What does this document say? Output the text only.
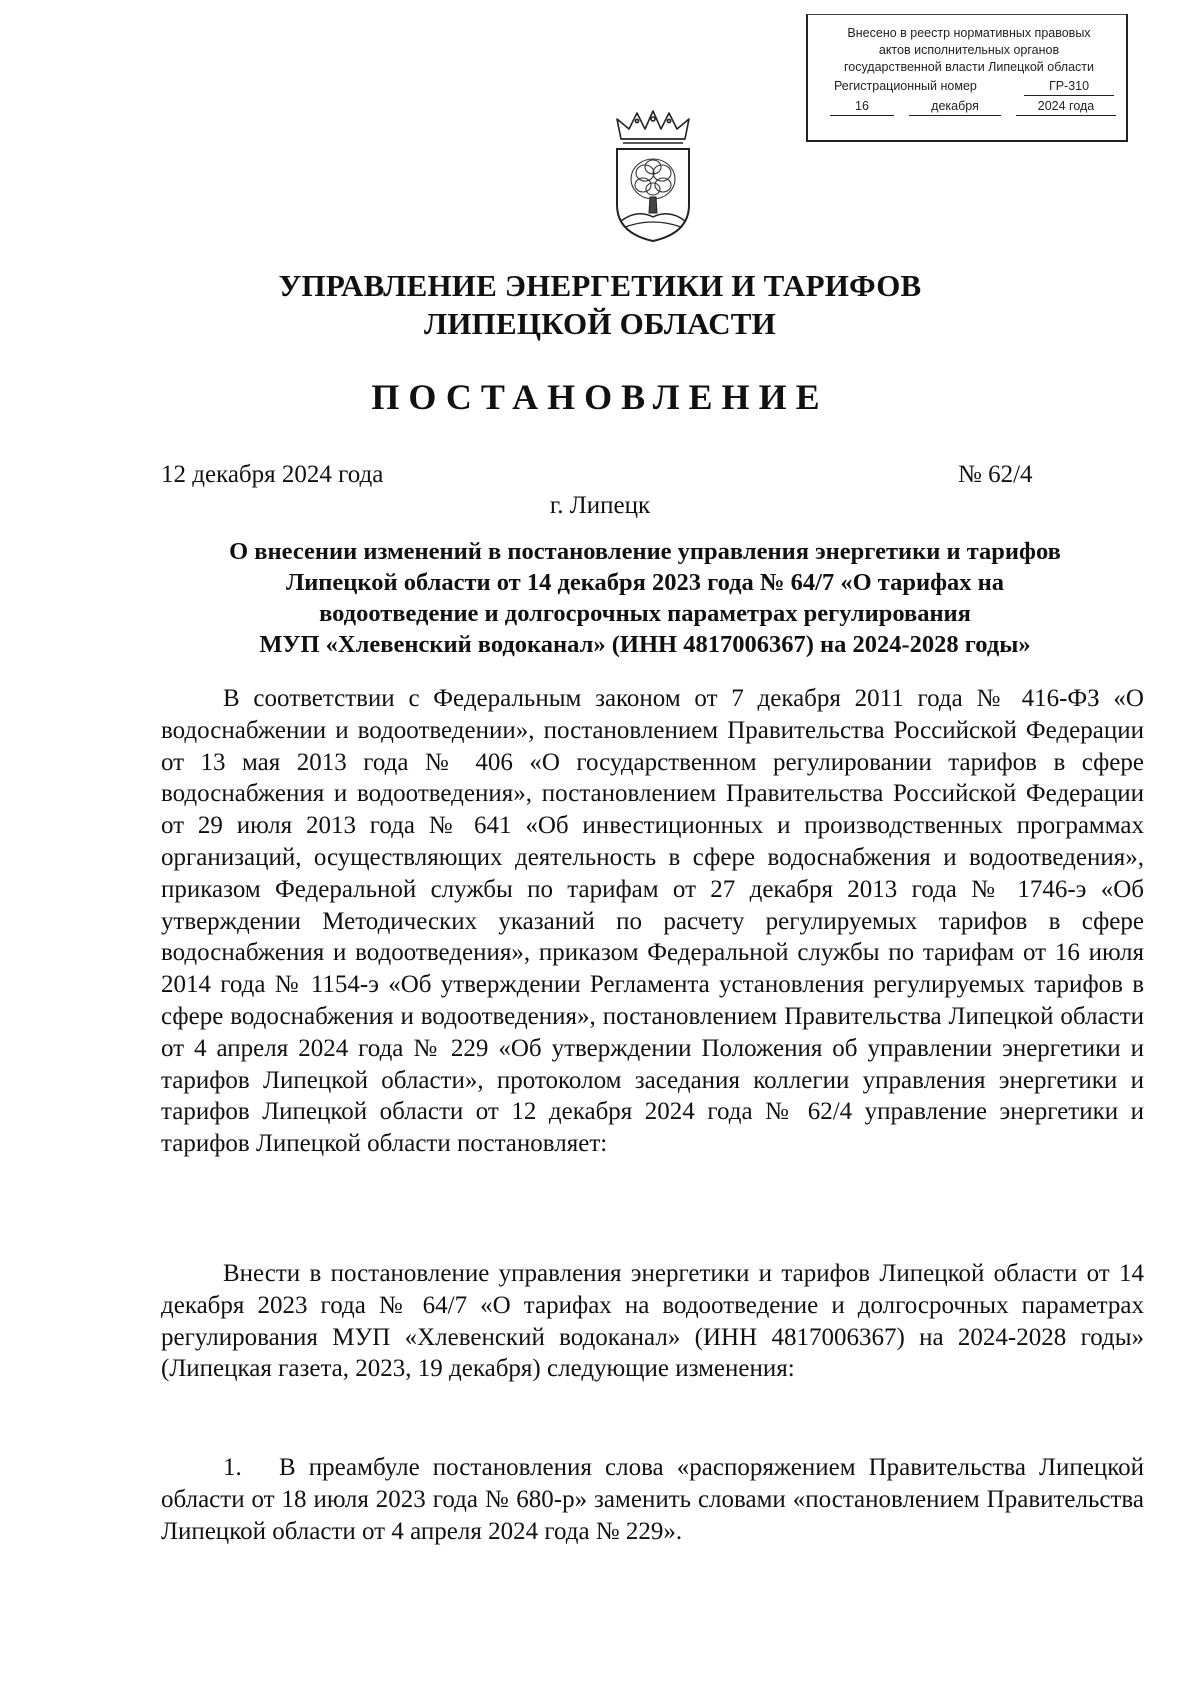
Внесено в реестр нормативных правовых
актов исполнительных органов
государственной власти Липецкой области
Регистрационный номер	ГР-310
16	декабря	2024 года
УПРАВЛЕНИЕ ЭНЕРГЕТИКИ И ТАРИФОВ
ЛИПЕЦКОЙ ОБЛАСТИ
ПОСТАНОВЛЕНИЕ
12 декабря 2024 года	№ 62/4
г. Липецк
О внесении изменений в постановление управления энергетики и тарифов
Липецкой области от 14 декабря 2023 года № 64/7 «О тарифах на
водоотведение и долгосрочных параметрах регулирования
МУП «Хлевенский водоканал» (ИНН 4817006367) на 2024-2028 годы»

В соответствии с Федеральным законом от 7 декабря 2011 года № 416-ФЗ «О водоснабжении и водоотведении», постановлением Правительства Российской Федерации от 13 мая 2013 года № 406 «О государственном регулировании тарифов в сфере водоснабжения и водоотведения», постановлением Правительства Российской Федерации от 29 июля 2013 года № 641 «Об инвестиционных и производственных программах организаций, осуществляющих деятельность в сфере водоснабжения и водоотведения», приказом Федеральной службы по тарифам от 27 декабря 2013 года № 1746-э «Об утверждении Методических указаний по расчету регулируемых тарифов в сфере водоснабжения и водоотведения», приказом Федеральной службы по тарифам от 16 июля 2014 года № 1154-э «Об утверждении Регламента установления регулируемых тарифов в сфере водоснабжения и водоотведения», постановлением Правительства Липецкой области от 4 апреля 2024 года № 229 «Об утверждении Положения об управлении энергетики и тарифов Липецкой области», протоколом заседания коллегии управления энергетики и тарифов Липецкой области от 12 декабря 2024 года № 62/4 управление энергетики и тарифов Липецкой области постановляет:

Внести в постановление управления энергетики и тарифов Липецкой области от 14 декабря 2023 года № 64/7 «О тарифах на водоотведение и долгосрочных параметрах регулирования МУП «Хлевенский водоканал» (ИНН 4817006367) на 2024-2028 годы» (Липецкая газета, 2023, 19 декабря) следующие изменения:

1. В преамбуле постановления слова «распоряжением Правительства Липецкой области от 18 июля 2023 года № 680-р» заменить словами «постановлением Правительства Липецкой области от 4 апреля 2024 года № 229».
